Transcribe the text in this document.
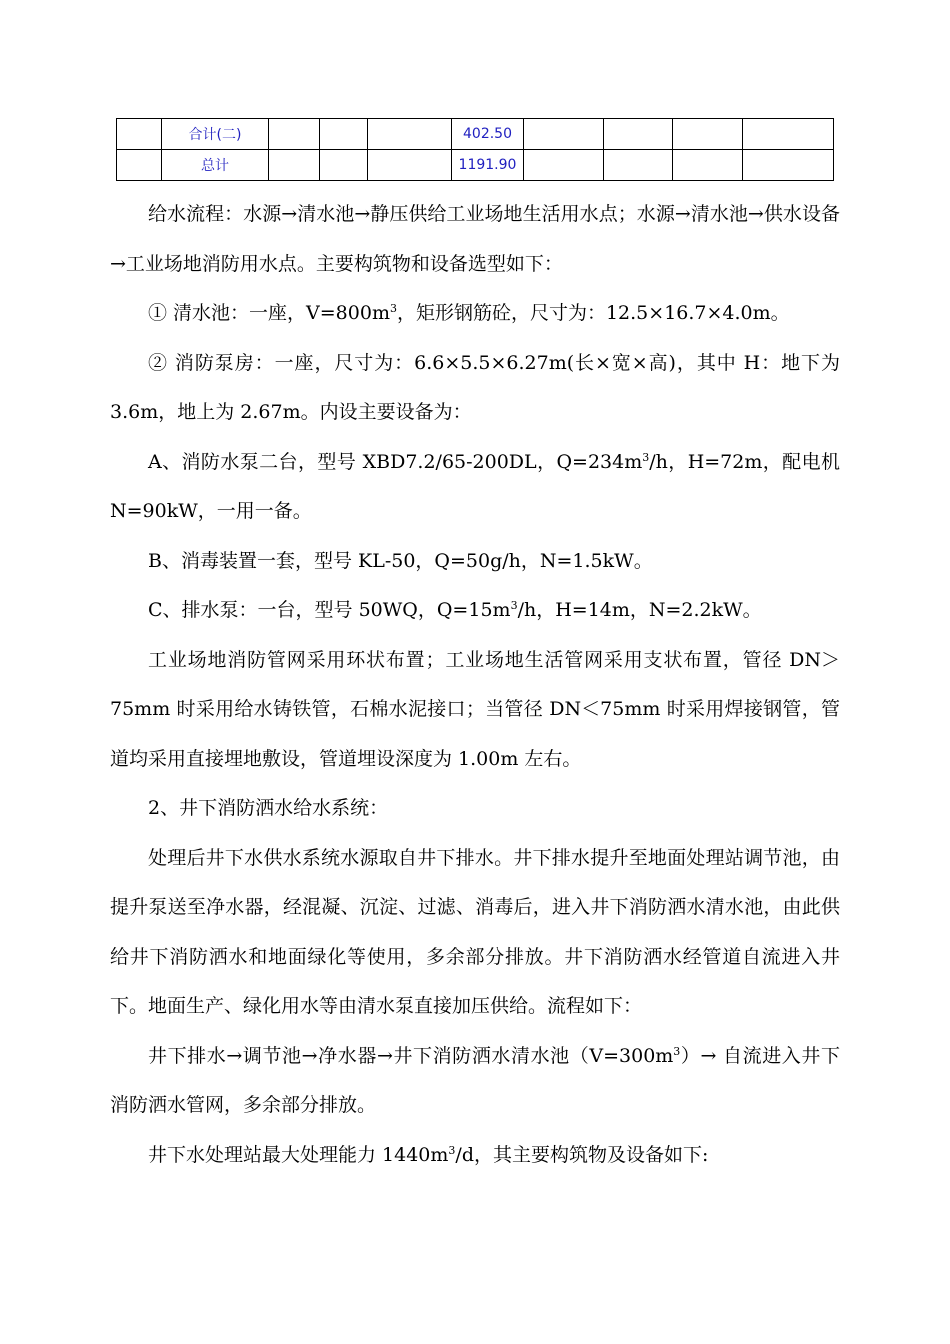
	合计(二)				402.50				
	总计				1191.90				

给水流程：水源→清水池→静压供给工业场地生活用水点；水源→清水池→供水设备→工业场地消防用水点。主要构筑物和设备选型如下：

① 清水池：一座，$V=800m^3$，矩形钢筋砼，尺寸为：12.5×16.7×4.0m。

② 消防泵房：一座，尺寸为：6.6×5.5×6.27m(长×宽×高)，其中 H：地下为 3.6m，地上为 2.67m。内设主要设备为：

A、消防水泵二台，型号 XBD7.2/65-200DL，$Q=234m^3/h$，H=72m，配电机 N=90kW，一用一备。

B、消毒装置一套，型号 KL-50，Q=50g/h，N=1.5kW。

C、排水泵：一台，型号 50WQ，$Q=15m^3/h$，H=14m，N=2.2kW。

工业场地消防管网采用环状布置；工业场地生活管网采用支状布置，管径 DN＞75mm 时采用给水铸铁管，石棉水泥接口；当管径 DN＜75mm 时采用焊接钢管，管道均采用直接埋地敷设，管道埋设深度为 1.00m 左右。

2、井下消防洒水给水系统：

处理后井下水供水系统水源取自井下排水。井下排水提升至地面处理站调节池，由提升泵送至净水器，经混凝、沉淀、过滤、消毒后，进入井下消防洒水清水池，由此供给井下消防洒水和地面绿化等使用，多余部分排放。井下消防洒水经管道自流进入井下。地面生产、绿化用水等由清水泵直接加压供给。流程如下：

井下排水→调节池→净水器→井下消防洒水清水池$(V=300m^3)\to$ 自流进入井下消防洒水管网，多余部分排放。

井下水处理站最大处理能力 $1440m^3/d$，其主要构筑物及设备如下:
